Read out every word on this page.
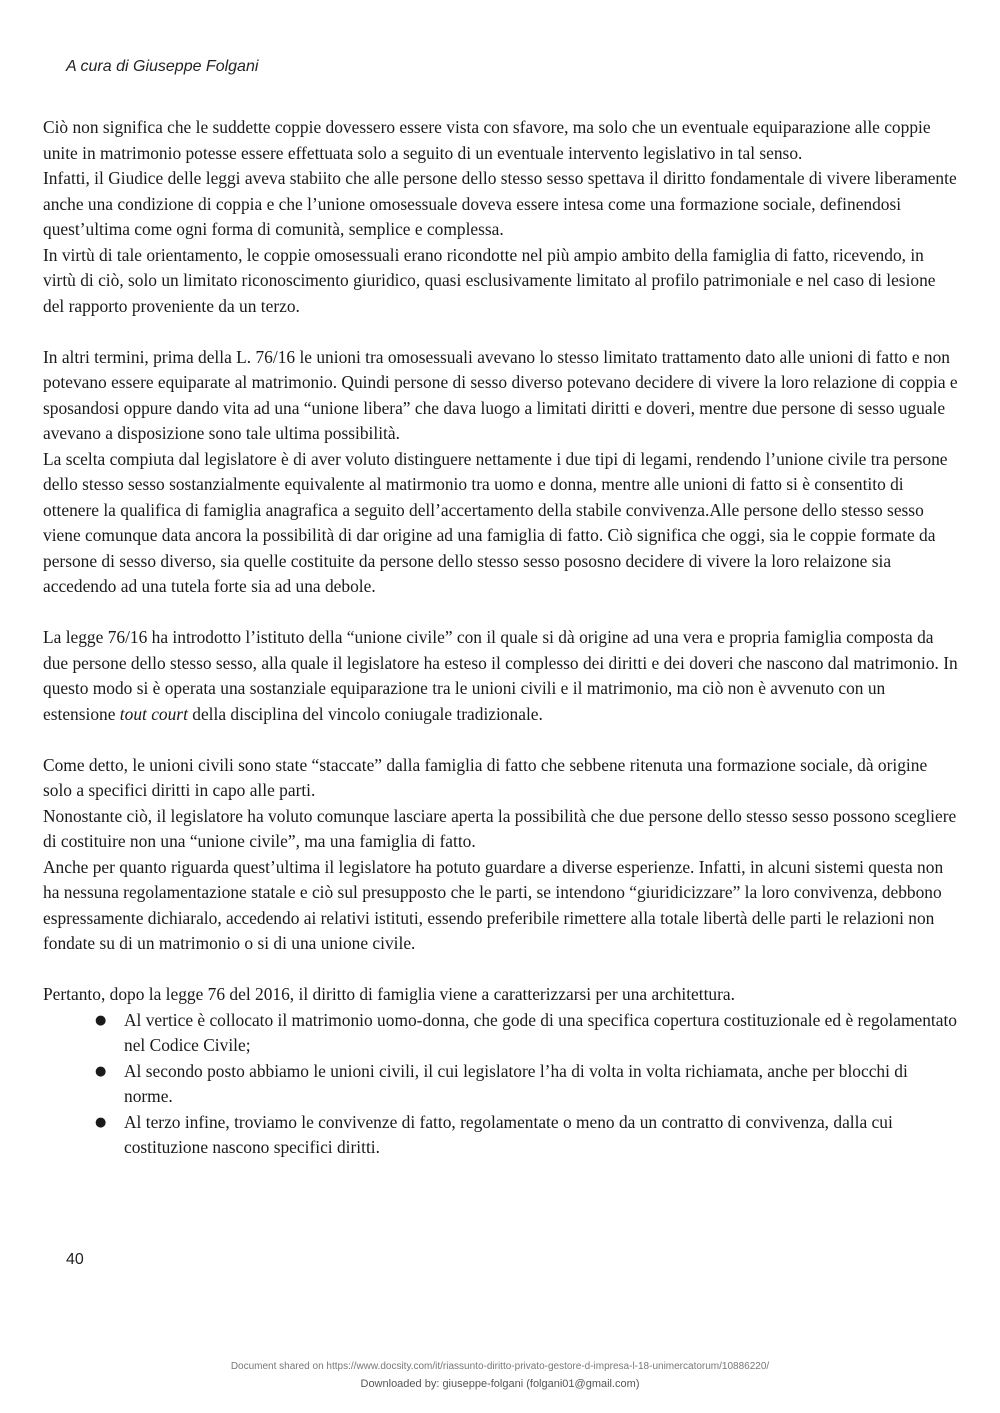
A cura di Giuseppe Folgani

Ciò non significa che le suddette coppie dovessero essere vista con sfavore, ma solo che un eventuale equiparazione alle coppie unite in matrimonio potesse essere effettuata solo a seguito di un eventuale intervento legislativo in tal senso.

Infatti, il Giudice delle leggi aveva stabiito che alle persone dello stesso sesso spettava il diritto fondamentale di vivere liberamente anche una condizione di coppia e che l’unione omosessuale doveva essere intesa come una formazione sociale, definendosi quest’ultima come ogni forma di comunità, semplice e complessa.

In virtù di tale orientamento, le coppie omosessuali erano ricondotte nel più ampio ambito della famiglia di fatto, ricevendo, in virtù di ciò, solo un limitato riconoscimento giuridico, quasi esclusivamente limitato al profilo patrimoniale e nel caso di lesione del rapporto proveniente da un terzo.

In altri termini, prima della L. 76/16 le unioni tra omosessuali avevano lo stesso limitato trattamento dato alle unioni di fatto e non potevano essere equiparate al matrimonio. Quindi persone di sesso diverso potevano decidere di vivere la loro relazione di coppia e sposandosi oppure dando vita ad una “unione libera” che dava luogo a limitati diritti e doveri, mentre due persone di sesso uguale avevano a disposizione sono tale ultima possibilità.

La scelta compiuta dal legislatore è di aver voluto distinguere nettamente i due tipi di legami, rendendo l’unione civile tra persone dello stesso sesso sostanzialmente equivalente al matirmonio tra uomo e donna, mentre alle unioni di fatto si è consentito di ottenere la qualifica di famiglia anagrafica a seguito dell’accertamento della stabile convivenza.Alle persone dello stesso sesso viene comunque data ancora la possibilità di dar origine ad una famiglia di fatto. Ciò significa che oggi, sia le coppie formate da persone di sesso diverso, sia quelle costituite da persone dello stesso sesso pososno decidere di vivere la loro relaizone sia accedendo ad una tutela forte sia ad una debole.

La legge 76/16 ha introdotto l’istituto della “unione civile” con il quale si dà origine ad una vera e propria famiglia composta da due persone dello stesso sesso, alla quale il legislatore ha esteso il complesso dei diritti e dei doveri che nascono dal matrimonio. In questo modo si è operata una sostanziale equiparazione tra le unioni civili e il matrimonio, ma ciò non è avvenuto con un estensione tout court della disciplina del vincolo coniugale tradizionale.

Come detto, le unioni civili sono state “staccate” dalla famiglia di fatto che sebbene ritenuta una formazione sociale, dà origine solo a specifici diritti in capo alle parti.

Nonostante ciò, il legislatore ha voluto comunque lasciare aperta la possibilità che due persone dello stesso sesso possono scegliere di costituire non una “unione civile”, ma una famiglia di fatto.

Anche per quanto riguarda quest’ultima il legislatore ha potuto guardare a diverse esperienze. Infatti, in alcuni sistemi questa non ha nessuna regolamentazione statale e ciò sul presupposto che le parti, se intendono “giuridicizzare” la loro convivenza, debbono espressamente dichiaralo, accedendo ai relativi istituti, essendo preferibile rimettere alla totale libertà delle parti le relazioni non fondate su di un matrimonio o si di una unione civile.

Pertanto, dopo la legge 76 del 2016, il diritto di famiglia viene a caratterizzarsi per una architettura.

● Al vertice è collocato il matrimonio uomo-donna, che gode di una specifica copertura costituzionale ed è regolamentato nel Codice Civile;
● Al secondo posto abbiamo le unioni civili, il cui legislatore l’ha di volta in volta richiamata, anche per blocchi di norme.
● Al terzo infine, troviamo le convivenze di fatto, regolamentate o meno da un contratto di convivenza, dalla cui costituzione nascono specifici diritti.
40
Document shared on https://www.docsity.com/it/riassunto-diritto-privato-gestore-d-impresa-l-18-unimercatorum/10886220/
Downloaded by: giuseppe-folgani (folgani01@gmail.com)
